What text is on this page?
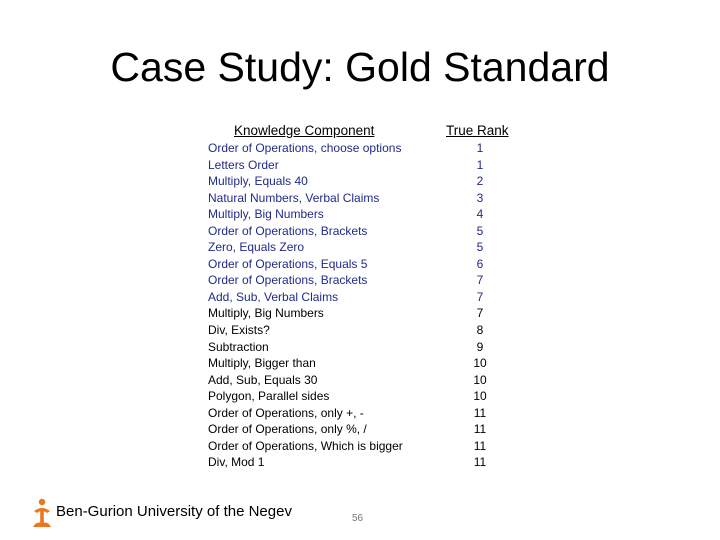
Case Study: Gold Standard
Knowledge Component	True Rank
Order of Operations, choose options	1
Letters Order	1
Multiply, Equals 40	2
Natural Numbers, Verbal Claims	3
Multiply, Big Numbers	4
Order of Operations, Brackets	5
Zero, Equals Zero	5
Order of Operations, Equals 5	6
Order of Operations, Brackets	7
Add, Sub, Verbal Claims	7
Multiply, Big Numbers	7
Div, Exists?	8
Subtraction	9
Multiply, Bigger than	10
Add, Sub, Equals 30	10
Polygon, Parallel sides	10
Order of Operations, only +, -	11
Order of Operations, only %, /	11
Order of Operations, Which is bigger	11
Div, Mod 1	11
Ben-Gurion University of the Negev	56
